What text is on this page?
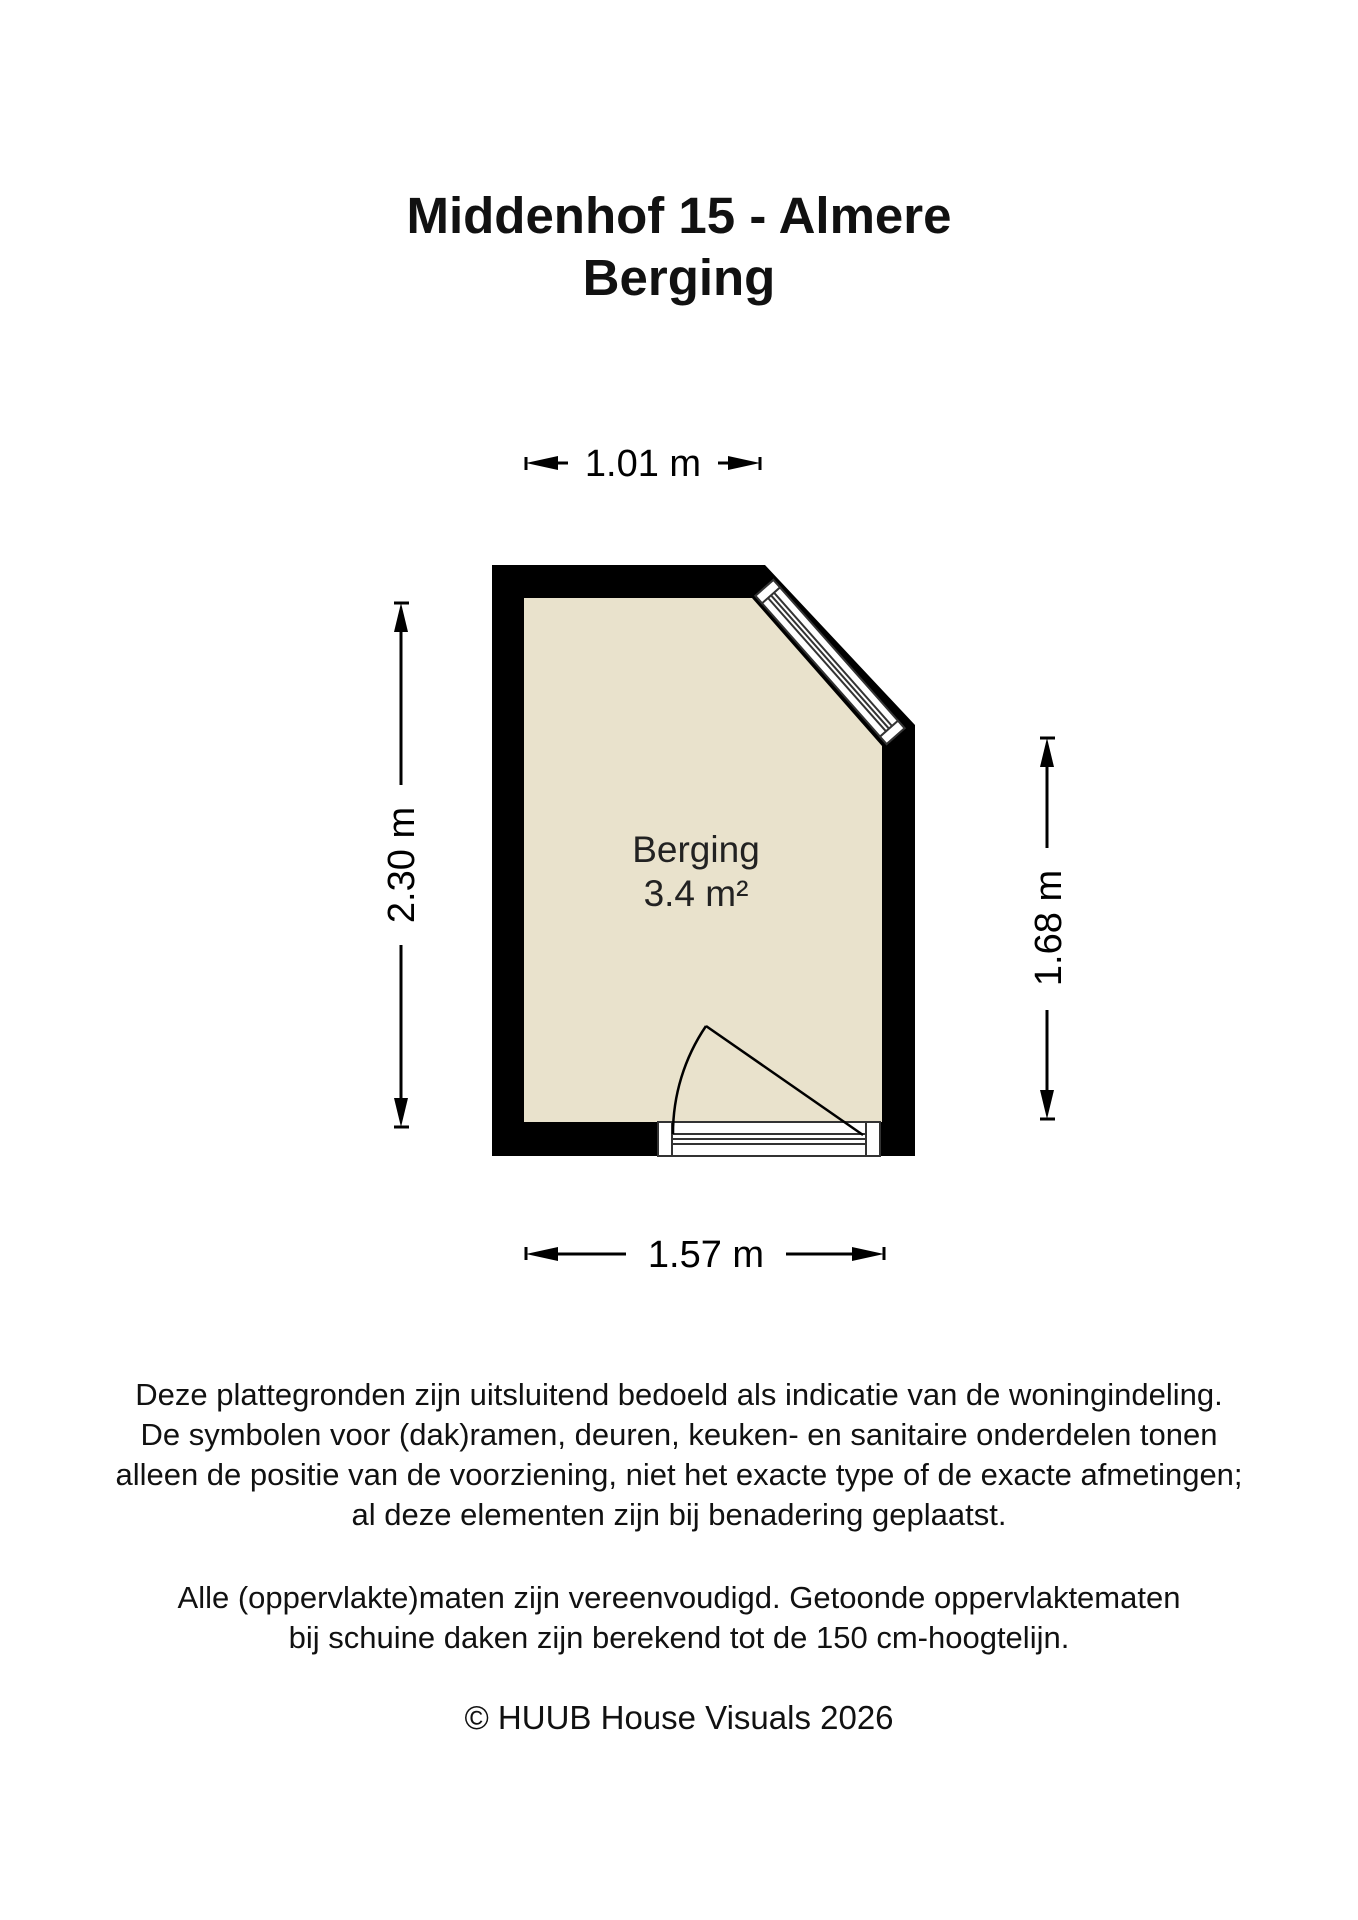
Middenhof 15 - Almere
Berging
1.01 m
2.30 m
1.68 m
1.57 m
Berging
3.4 m²
Deze plattegronden zijn uitsluitend bedoeld als indicatie van de woningindeling.
De symbolen voor (dak)ramen, deuren, keuken- en sanitaire onderdelen tonen
alleen de positie van de voorziening, niet het exacte type of de exacte afmetingen;
al deze elementen zijn bij benadering geplaatst.
Alle (oppervlakte)maten zijn vereenvoudigd. Getoonde oppervlaktematen
bij schuine daken zijn berekend tot de 150 cm-hoogtelijn.
© HUUB House Visuals 2026
